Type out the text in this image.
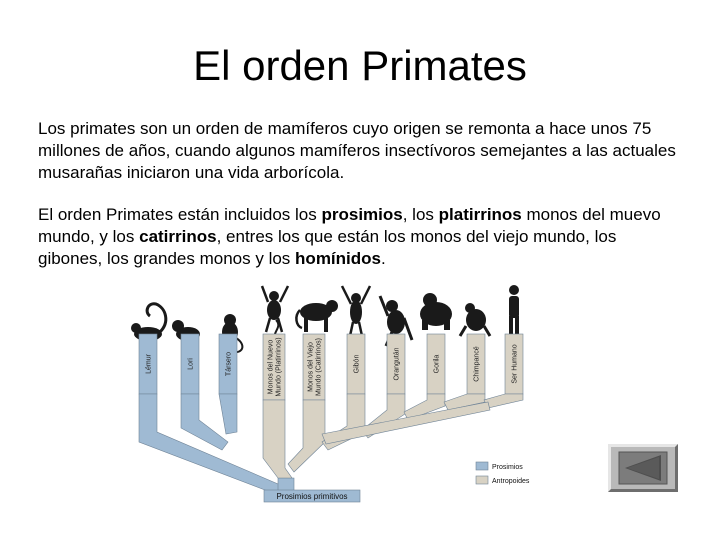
El orden Primates
Los primates son un orden de mamíferos cuyo origen se remonta a hace unos 75 millones de años, cuando algunos mamíferos insectívoros semejantes a las actuales musarañas iniciaron una vida arborícola.
El orden Primates están incluidos los prosimios, los platirrinos monos del muevo mundo, y los catirrinos, entres los que están los monos del viejo mundo, los gibones, los grandes monos y los homínidos.
Lémur	Lori	Társero	Monos del NuevoMundo (Platirrinos)	Monos del ViejoMundo (Catirrinos)	Gibón	Orangután	Gorila	Chimpancé	Ser Humano
Prosimios primitivos
Prosimios
Antropoides
